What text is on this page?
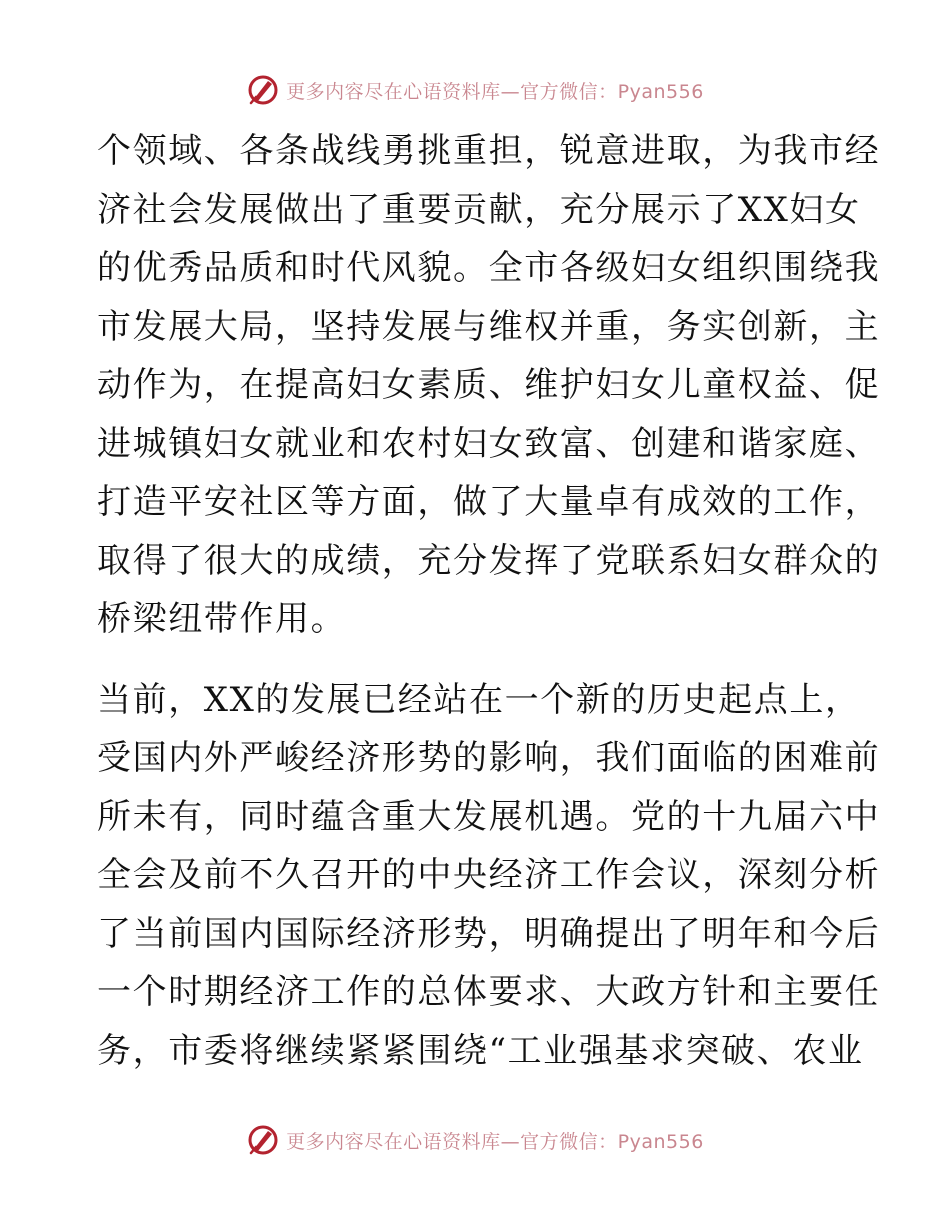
更多内容尽在心语资料库—官方微信：Pyan556

个领域、各条战线勇挑重担，锐意进取，为我市经
济社会发展做出了重要贡献，充分展示了XX妇女
的优秀品质和时代风貌。全市各级妇女组织围绕我
市发展大局，坚持发展与维权并重，务实创新，主
动作为，在提高妇女素质、维护妇女儿童权益、促
进城镇妇女就业和农村妇女致富、创建和谐家庭、
打造平安社区等方面，做了大量卓有成效的工作，
取得了很大的成绩，充分发挥了党联系妇女群众的
桥梁纽带作用。

当前，XX的发展已经站在一个新的历史起点上，
受国内外严峻经济形势的影响，我们面临的困难前
所未有，同时蕴含重大发展机遇。党的十九届六中
全会及前不久召开的中央经济工作会议，深刻分析
了当前国内国际经济形势，明确提出了明年和今后
一个时期经济工作的总体要求、大政方针和主要任
务，市委将继续紧紧围绕“工业强基求突破、农业

更多内容尽在心语资料库—官方微信：Pyan556
